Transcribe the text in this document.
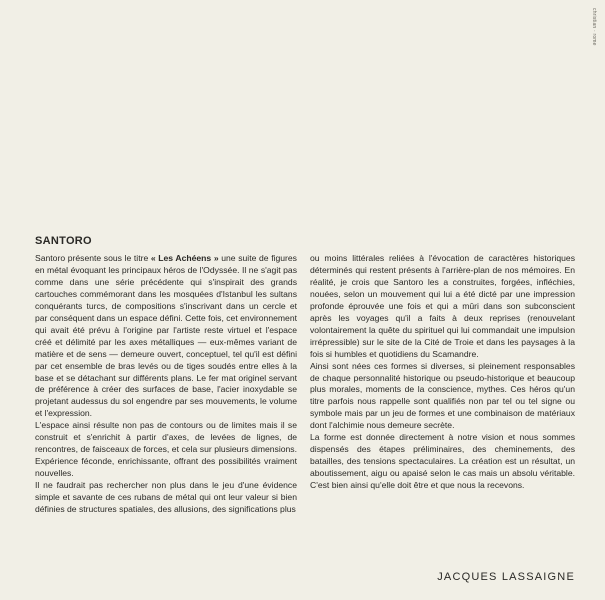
christian · rome
SANTORO

Santoro présente sous le titre « Les Achéens » une suite de figures en métal évoquant les principaux héros de l'Odyssée. Il ne s'agit pas comme dans une série précédente qui s'inspirait des grands cartouches commémorant dans les mosquées d'Istanbul les sultans conquérants turcs, de compositions s'inscrivant dans un cercle et par conséquent dans un espace défini. Cette fois, cet environnement qui avait été prévu à l'origine par l'artiste reste virtuel et l'espace créé et délimité par les axes métalliques — eux-mêmes variant de matière et de sens — demeure ouvert, conceptuel, tel qu'il est défini par cet ensemble de bras levés ou de tiges soudés entre elles à la base et se détachant sur différents plans. Le fer mat originel servant de préférence à créer des surfaces de base, l'acier inoxydable se projetant audessus du sol engendre par ses mouvements, le volume et l'expression.

L'espace ainsi résulte non pas de contours ou de limites mais il se construit et s'enrichit à partir d'axes, de levées de lignes, de rencontres, de faisceaux de forces, et cela sur plusieurs dimensions. Expérience féconde, enrichissante, offrant des possibilités vraiment nouvelles.

Il ne faudrait pas rechercher non plus dans le jeu d'une évidence simple et savante de ces rubans de métal qui ont leur valeur si bien définies de structures spatiales, des allusions, des significations plus

ou moins littérales reliées à l'évocation de caractères historiques déterminés qui restent présents à l'arrière-plan de nos mémoires. En réalité, je crois que Santoro les a construites, forgées, infléchies, nouées, selon un mouvement qui lui a été dicté par une impression profonde éprouvée une fois et qui a mûri dans son subconscient après les voyages qu'il a faits à deux reprises (renouvelant volontairement la quête du spirituel qui lui commandait une impulsion irrépressible) sur le site de la Cité de Troie et dans les paysages à la fois si humbles et quotidiens du Scamandre.

Ainsi sont nées ces formes si diverses, si pleinement responsables de chaque personnalité historique ou pseudo-historique et beaucoup plus morales, moments de la conscience, mythes. Ces héros qu'un titre parfois nous rappelle sont qualifiés non par tel ou tel signe ou symbole mais par un jeu de formes et une combinaison de matériaux dont l'alchimie nous demeure secrète.

La forme est donnée directement à notre vision et nous sommes dispensés des étapes préliminaires, des cheminements, des batailles, des tensions spectaculaires. La création est un résultat, un aboutissement, aigu ou apaisé selon le cas mais un absolu véritable. C'est bien ainsi qu'elle doit être et que nous la recevons.

JACQUES LASSAIGNE
